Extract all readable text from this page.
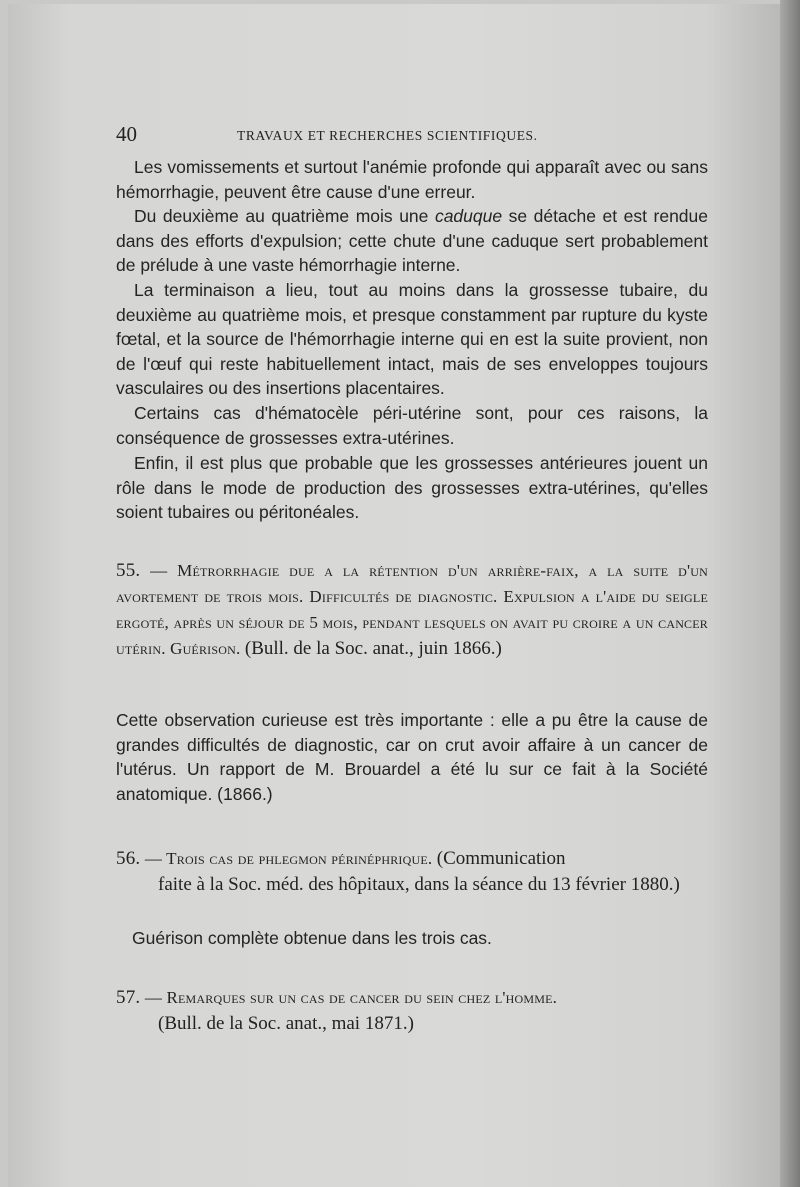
40	TRAVAUX ET RECHERCHES SCIENTIFIQUES.

Les vomissements et surtout l'anémie profonde qui apparaît avec ou sans hémorrhagie, peuvent être cause d'une erreur.

Du deuxième au quatrième mois une caduque se détache et est rendue dans des efforts d'expulsion; cette chute d'une caduque sert probablement de prélude à une vaste hémorrhagie interne.

La terminaison a lieu, tout au moins dans la grossesse tubaire, du deuxième au quatrième mois, et presque constamment par rupture du kyste fœtal, et la source de l'hémorrhagie interne qui en est la suite provient, non de l'œuf qui reste habituellement intact, mais de ses enveloppes toujours vasculaires ou des insertions placentaires.

Certains cas d'hématocèle péri-utérine sont, pour ces raisons, la conséquence de grossesses extra-utérines.

Enfin, il est plus que probable que les grossesses antérieures jouent un rôle dans le mode de production des grossesses extra-utérines, qu'elles soient tubaires ou péritonéales.

55. — Métrorrhagie due a la rétention d'un arrière-faix, a la suite d'un avortement de trois mois. Difficultés de diagnostic. Expulsion a l'aide du seigle ergoté, après un séjour de 5 mois, pendant lesquels on avait pu croire a un cancer utérin. Guérison. (Bull. de la Soc. anat., juin 1866.)

Cette observation curieuse est très importante : elle a pu être la cause de grandes difficultés de diagnostic, car on crut avoir affaire à un cancer de l'utérus. Un rapport de M. Brouardel a été lu sur ce fait à la Société anatomique. (1866.)

56. — Trois cas de phlegmon périnéphrique. (Communication

faite à la Soc. méd. des hôpitaux, dans la séance du 13 février 1880.)

Guérison complète obtenue dans les trois cas.

57. — Remarques sur un cas de cancer du sein chez l'homme.

(Bull. de la Soc. anat., mai 1871.)
